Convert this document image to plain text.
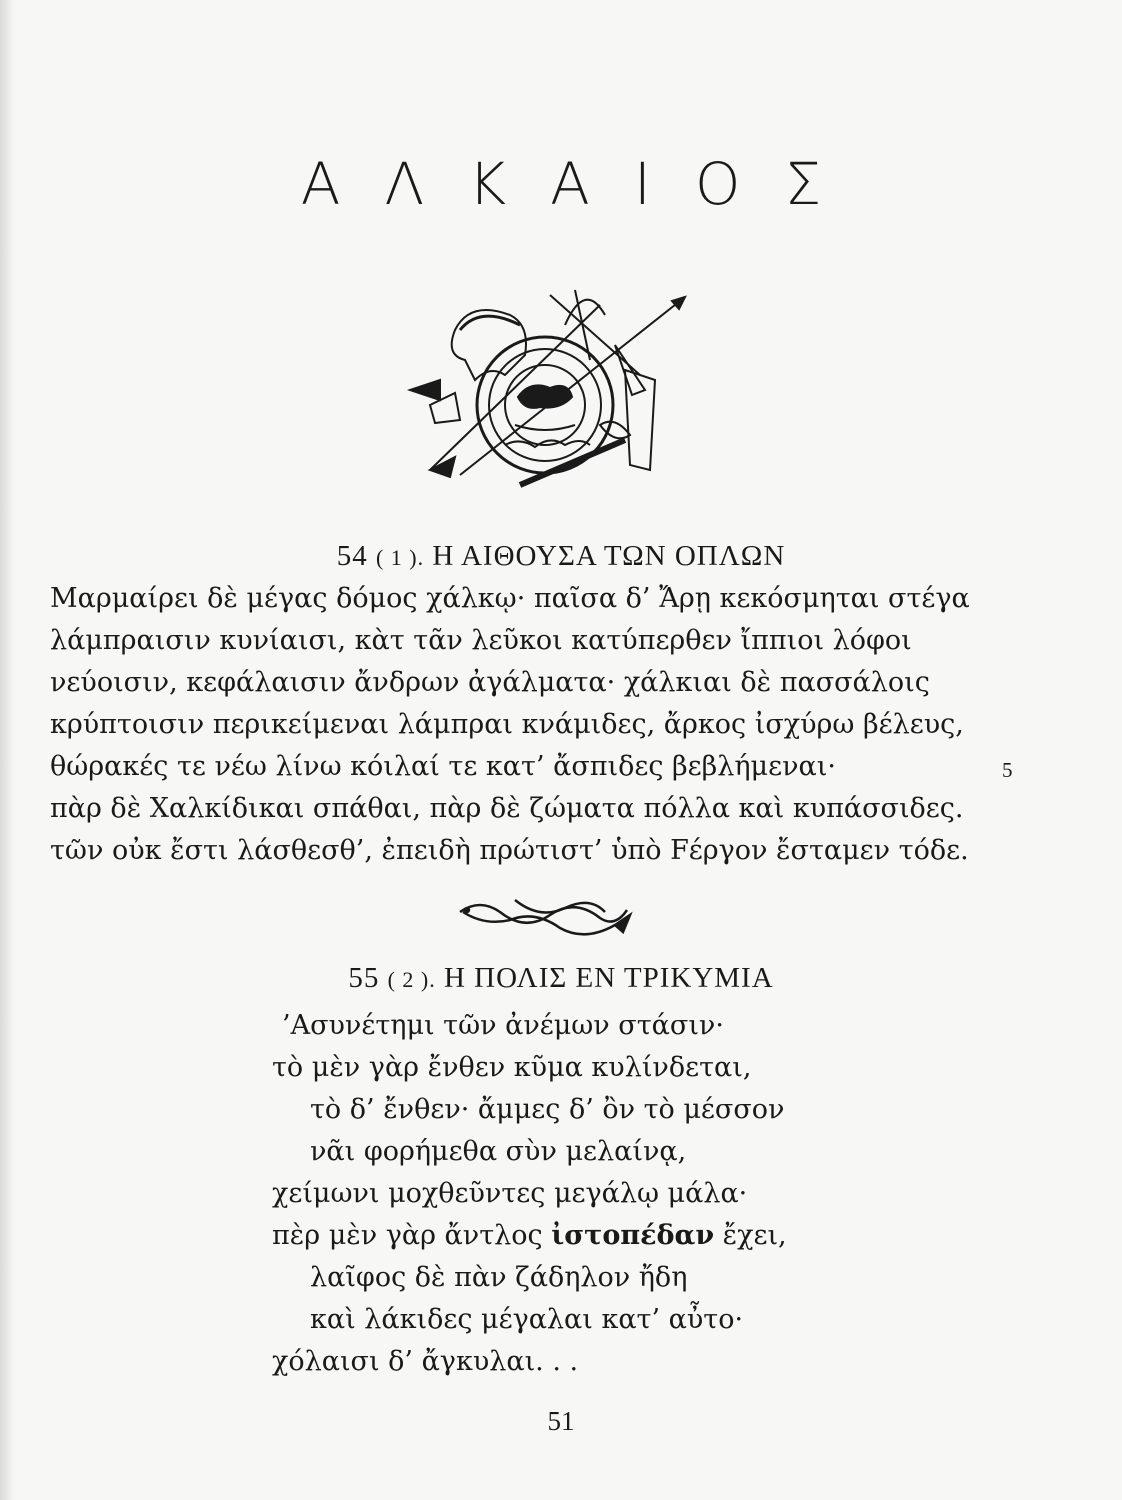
ΑΛΚΑΙΟΣ
54 ( 1 ). Η ΑΙΘΟΥΣΑ ΤΩΝ ΟΠΛΩΝ
Μαρμαίρει δὲ μέγας δόμος χάλκῳ· παῖσα δ’ Ἄρῃ κεκόσμηται στέγα
λάμπραισιν κυνίαισι, κὰτ τᾶν λεῦκοι κατύπερθεν ἴππιοι λόφοι
νεύοισιν, κεφάλαισιν ἄνδρων ἀγάλματα· χάλκιαι δὲ πασσάλοις
κρύπτοισιν περικείμεναι λάμπραι κνάμιδες, ἄρκος ἰσχύρω βέλευς,
θώρακές τε νέω λίνω κόιλαί τε κατ’ ἄσπιδες βεβλήμεναι·	5
πὰρ δὲ Χαλκίδικαι σπάθαι, πὰρ δὲ ζώματα πόλλα καὶ κυπάσσιδες.
τῶν οὐκ ἔστι λάσθεσθ’, ἐπειδὴ πρώτιστ’ ὑπὸ Fέργον ἔσταμεν τόδε.
55 ( 2 ). Η ΠΟΛΙΣ ΕΝ ΤΡΙΚΥΜΙΑ
’Ασυνέτημι τῶν ἀνέμων στάσιν·
τὸ μὲν γὰρ ἔνθεν κῦμα κυλίνδεται,
τὸ δ’ ἔνθεν· ἄμμες δ’ ὂν τὸ μέσσον
νᾶι φορήμεθα σὺν μελαίνᾳ,
χείμωνι μοχθεῦντες μεγάλῳ μάλα·
πὲρ μὲν γὰρ ἄντλος ἰστοπέδαν ἔχει,
λαῖφος δὲ πὰν ζάδηλον ἤδη
καὶ λάκιδες μέγαλαι κατ’ αὖτο·
χόλαισι δ’ ἄγκυλαι. . .
51
